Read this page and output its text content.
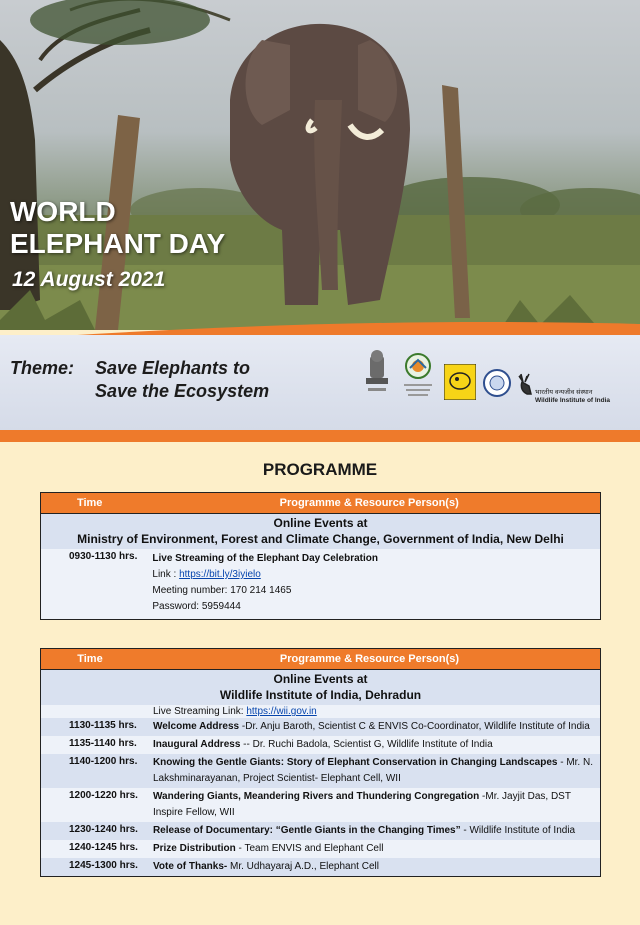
WORLD
ELEPHANT DAY
12 August 2021
Theme: Save Elephants to
Save the Ecosystem	भारतीय वन्यजीव संस्थान
Wildlife Institute of India
PROGRAMME
Time	Programme & Resource Person(s)
Online Events at	
Ministry of Environment, Forest and Climate Change, Government of India, New Delhi	
0930-1130 hrs.	Live Streaming of the Elephant Day Celebration
Link : https://bit.ly/3iyielo
Meeting number: 170 214 1465
Password: 5959444
Time	Programme & Resource Person(s)
Online Events at	
Wildlife Institute of India, Dehradun	
	Live Streaming Link: https://wii.gov.in
1130-1135 hrs.	Welcome Address -Dr. Anju Baroth, Scientist C & ENVIS Co-Coordinator, Wildlife Institute of India
1135-1140 hrs.	Inaugural Address -- Dr. Ruchi Badola, Scientist G, Wildlife Institute of India
1140-1200 hrs.	Knowing the Gentle Giants: Story of Elephant Conservation in Changing Landscapes - Mr. N. Lakshminarayanan, Project Scientist- Elephant Cell, WII
1200-1220 hrs.	Wandering Giants, Meandering Rivers and Thundering Congregation -Mr. Jayjit Das, DST Inspire Fellow, WII
1230-1240 hrs.	Release of Documentary: “Gentle Giants in the Changing Times” - Wildlife Institute of India
1240-1245 hrs.	Prize Distribution - Team ENVIS and Elephant Cell
1245-1300 hrs.	Vote of Thanks- Mr. Udhayaraj A.D., Elephant Cell
